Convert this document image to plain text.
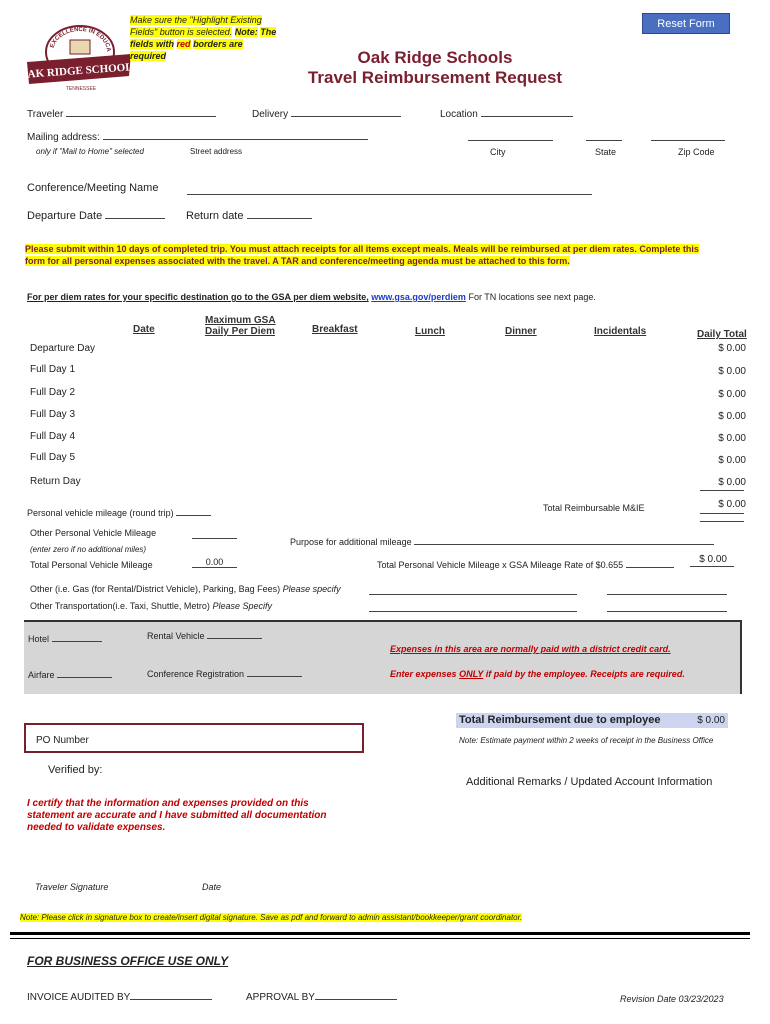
EXCELLENCE IN EDUCA
OAK RIDGE SCHOOLS
TENNESSEE
Make sure the "Highlight Existing Fields" button is selected. Note: The fields with red borders are required
Reset Form
Oak Ridge Schools
Travel Reimbursement Request
Traveler	Delivery	Location
Mailing address:
only if "Mail to Home" selected	Street address	City	State	Zip Code
Conference/Meeting Name
Departure Date	Return date
Please submit within 10 days of completed trip. You must attach receipts for all items except meals. Meals will be reimbursed at per diem rates. Complete this form for all personal expenses associated with the travel. A TAR and conference/meeting agenda must be attached to this form.
For per diem rates for your specific destination go to the GSA per diem website, www.gsa.gov/perdiem For TN locations see next page.
Date
Maximum GSA
Daily Per Diem	Breakfast	Lunch	Dinner	Incidentals	Daily Total
Departure Day	$ 0.00
Full Day 1	$ 0.00
Full Day 2	$ 0.00
Full Day 3	$ 0.00
Full Day 4	$ 0.00
Full Day 5	$ 0.00
Return Day	$ 0.00
Total Reimbursable M&IE	$ 0.00
Personal vehicle mileage (round trip)
Other Personal Vehicle Mileage
(enter zero if no additional miles)
Total Personal Vehicle Mileage	0.00
Purpose for additional mileage
Total Personal Vehicle Mileage x GSA Mileage Rate of $0.655	$ 0.00
Other (i.e. Gas (for Rental/District Vehicle), Parking, Bag Fees) Please specify
Other Transportation(i.e. Taxi, Shuttle, Metro) Please Specify
Hotel	Rental Vehicle
Airfare	Conference Registration
Expenses in this area are normally paid with a district credit card.
Enter expenses ONLY if paid by the employee. Receipts are required.
Total Reimbursement due to employee	$ 0.00
Note: Estimate payment within 2 weeks of receipt in the Business Office
PO Number
Verified by:
Additional Remarks / Updated Account Information
I certify that the information and expenses provided on this statement are accurate and I have submitted all documentation needed to validate expenses.
Traveler Signature	Date
Note: Please click in signature box to create/insert digital signature. Save as pdf and forward to admin assistant/bookkeeper/grant coordinator.
FOR BUSINESS OFFICE USE ONLY
INVOICE AUDITED BY	APPROVAL BY	Revision Date 03/23/2023
